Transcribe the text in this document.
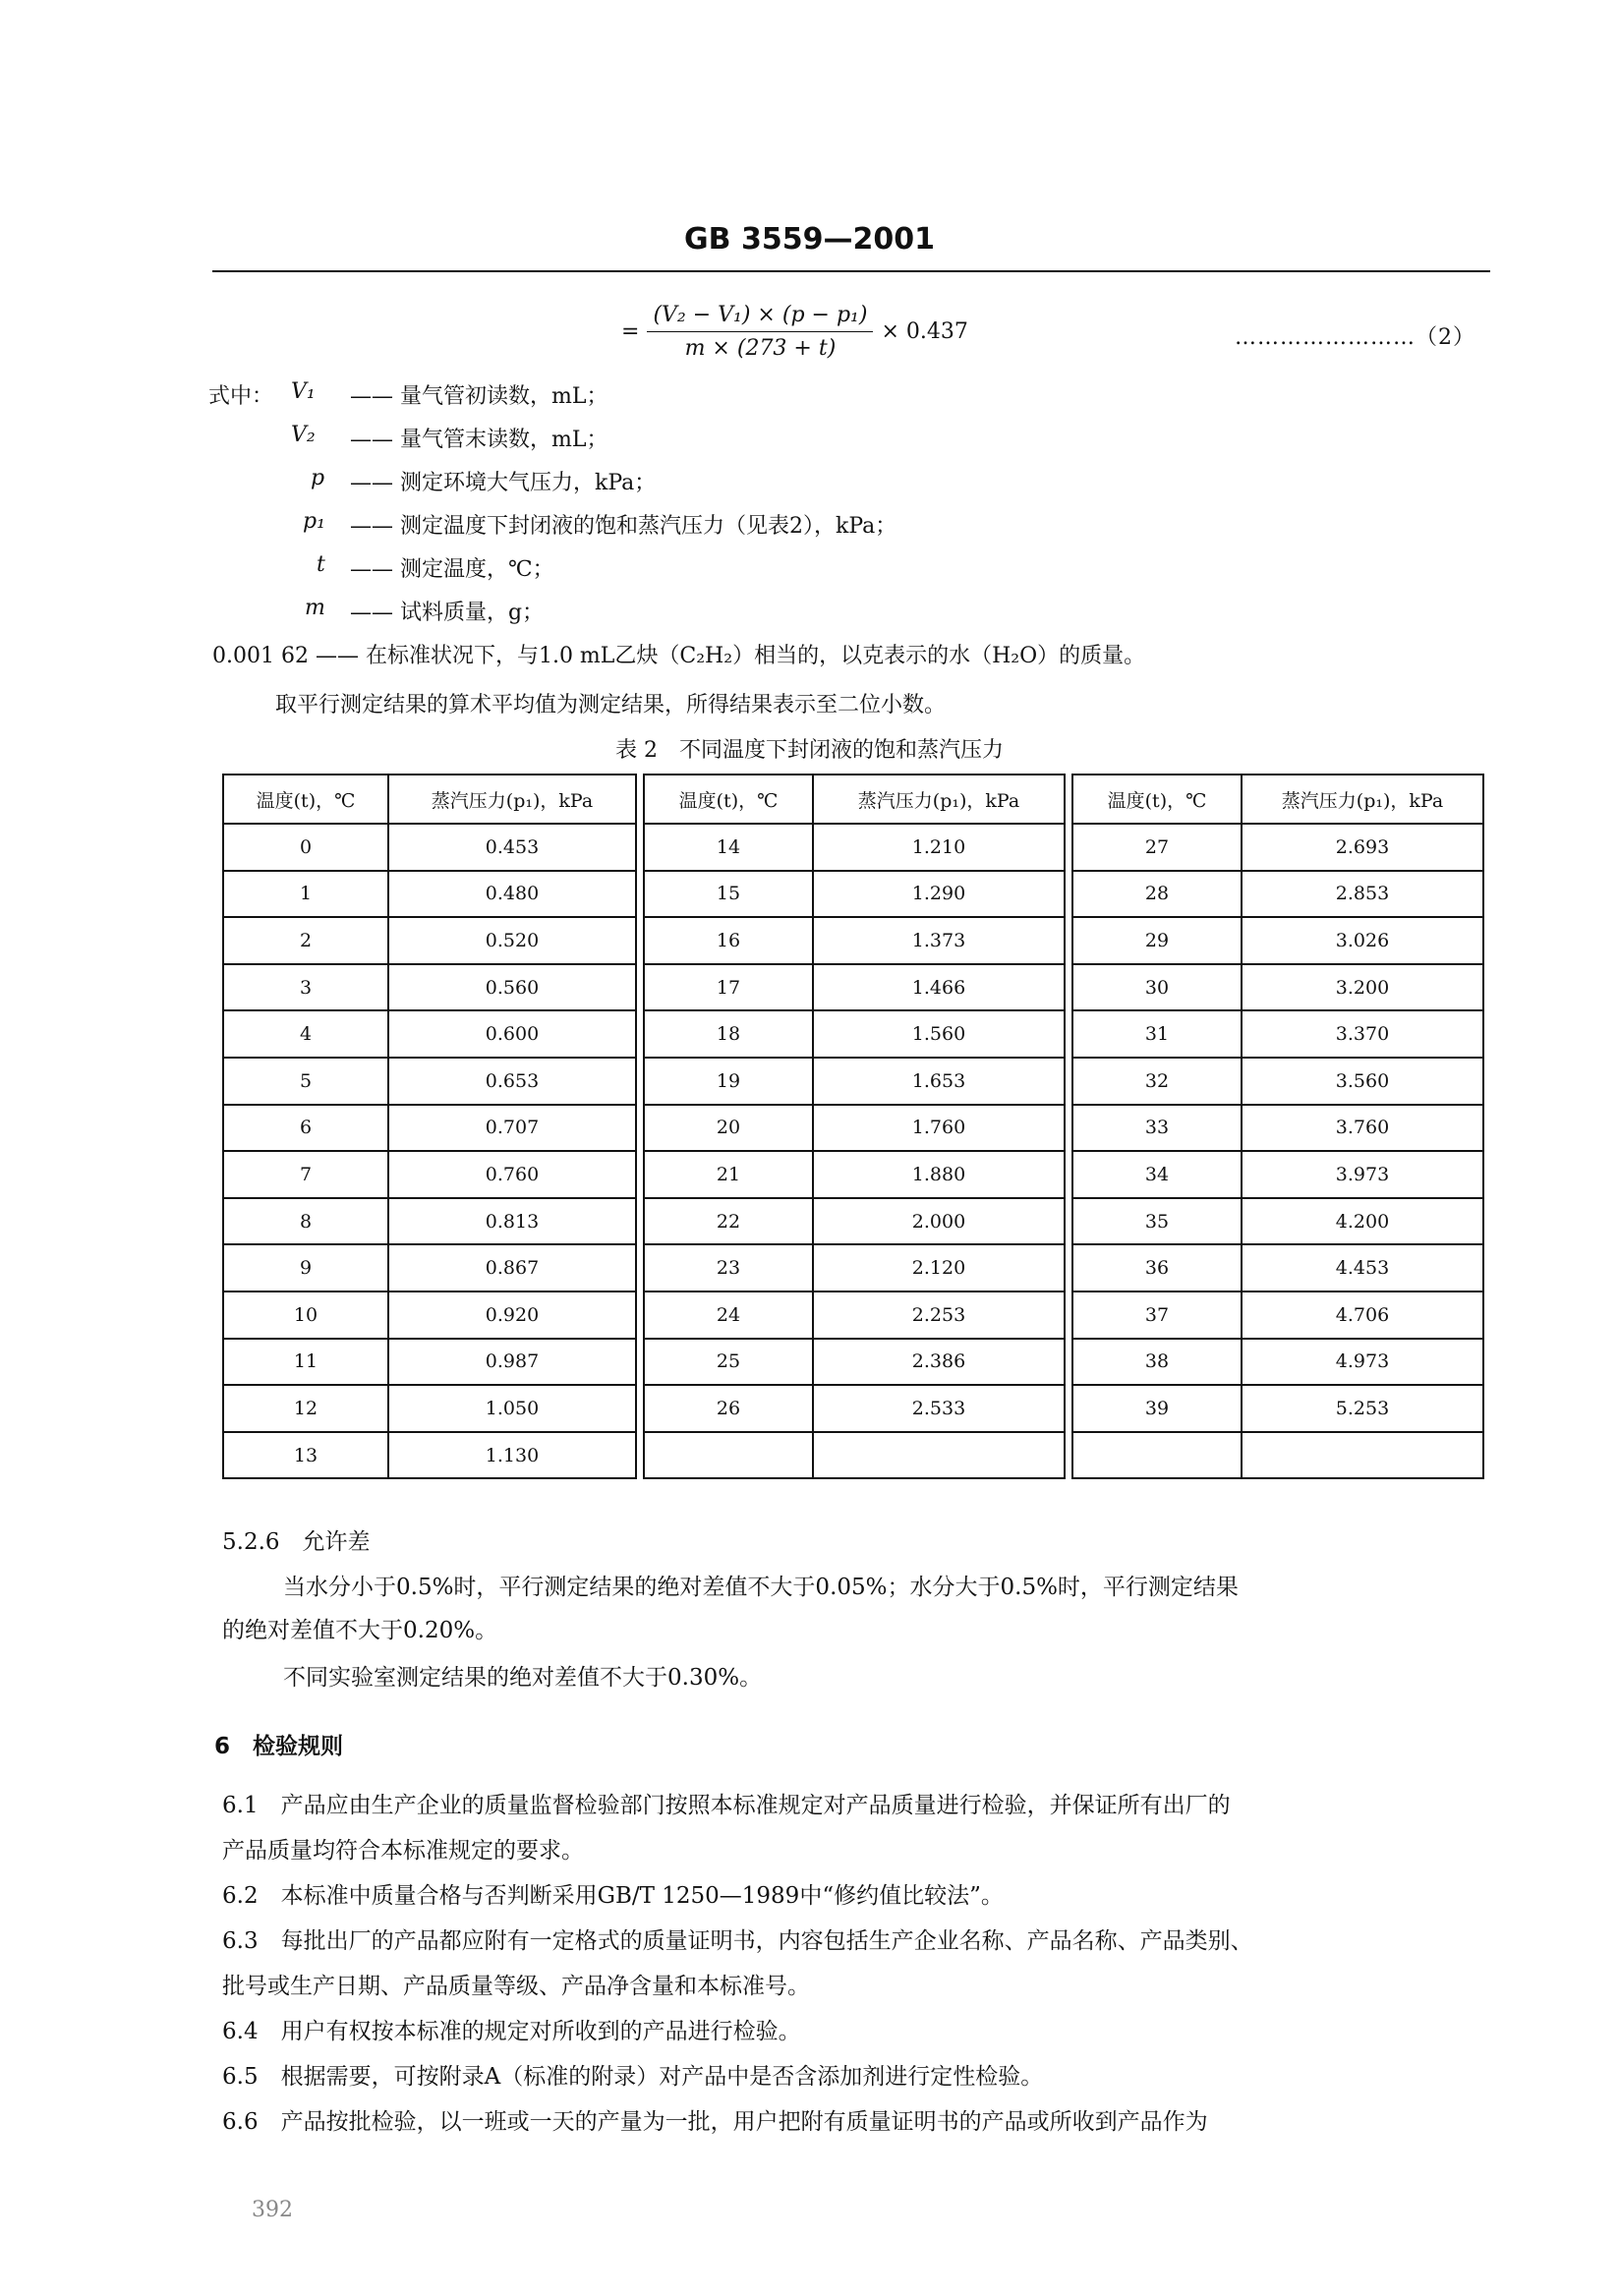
GB 3559—2001
= $\frac{\text{(V₂ − V₁) × (p − p₁)}}{m \times (273 + t)} \times 0.437$	……………………（2）
式中： V₁ —— 量气管初读数，mL；
V₂ —— 量气管末读数，mL；
p —— 测定环境大气压力，kPa；
p₁ —— 测定温度下封闭液的饱和蒸汽压力（见表2），kPa；
t —— 测定温度，℃；
m —— 试料质量，g；
0.001 62 —— 在标准状况下，与1.0 mL乙炔（C₂H₂）相当的，以克表示的水（H₂O）的质量。
取平行测定结果的算术平均值为测定结果，所得结果表示至二位小数。
表 2　不同温度下封闭液的饱和蒸汽压力
温度(t)，℃	蒸汽压力(p₁)，kPa		温度(t)，℃	蒸汽压力(p₁)，kPa		温度(t)，℃	蒸汽压力(p₁)，kPa
0	0.453		14	1.210		27	2.693
1	0.480		15	1.290		28	2.853
2	0.520		16	1.373		29	3.026
3	0.560		17	1.466		30	3.200
4	0.600		18	1.560		31	3.370
5	0.653		19	1.653		32	3.560
6	0.707		20	1.760		33	3.760
7	0.760		21	1.880		34	3.973
8	0.813		22	2.000		35	4.200
9	0.867		23	2.120		36	4.453
10	0.920		24	2.253		37	4.706
11	0.987		25	2.386		38	4.973
12	1.050		26	2.533		39	5.253
13	1.130						
5.2.6　允许差
当水分小于0.5%时，平行测定结果的绝对差值不大于0.05%；水分大于0.5%时，平行测定结果
的绝对差值不大于0.20%。
不同实验室测定结果的绝对差值不大于0.30%。
6　检验规则
6.1　产品应由生产企业的质量监督检验部门按照本标准规定对产品质量进行检验，并保证所有出厂的
产品质量均符合本标准规定的要求。
6.2　本标准中质量合格与否判断采用GB/T 1250—1989中“修约值比较法”。
6.3　每批出厂的产品都应附有一定格式的质量证明书，内容包括生产企业名称、产品名称、产品类别、
批号或生产日期、产品质量等级、产品净含量和本标准号。
6.4　用户有权按本标准的规定对所收到的产品进行检验。
6.5　根据需要，可按附录A（标准的附录）对产品中是否含添加剂进行定性检验。
6.6　产品按批检验，以一班或一天的产量为一批，用户把附有质量证明书的产品或所收到产品作为
392
